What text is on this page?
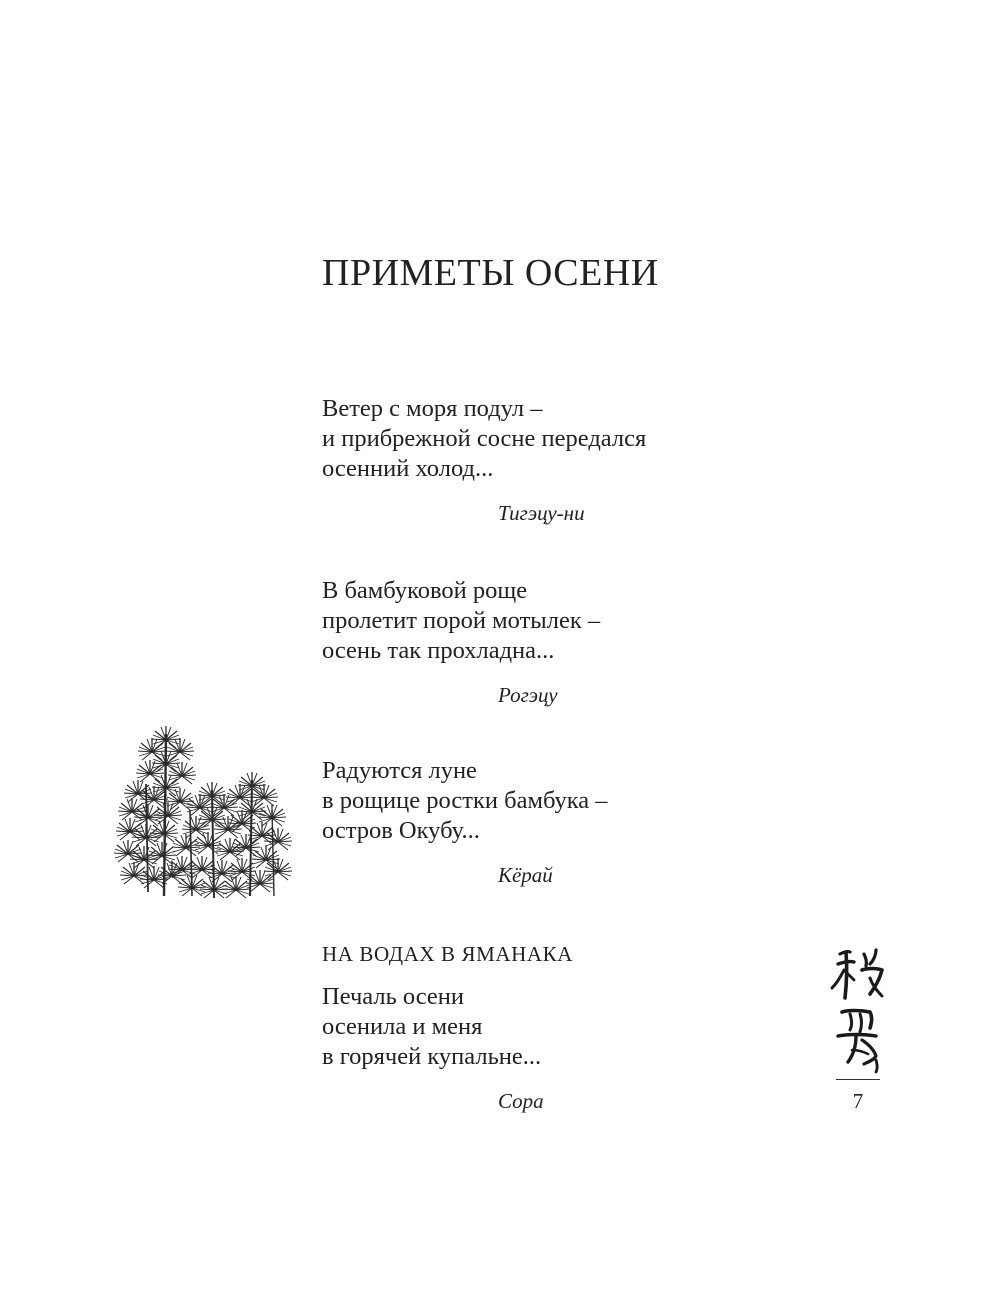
ПРИМЕТЫ ОСЕНИ
Ветер с моря подул –
и прибрежной сосне передался
осенний холод...
Тигэцу-ни
В бамбуковой роще
пролетит порой мотылек –
осень так прохладна...
Рогэцу
Радуются луне
в рощице ростки бамбука –
остров Окубу...
Кёрай
НА ВОДАХ В ЯМАНАКА
Печаль осени
осенила и меня
в горячей купальне...
Сора	7
